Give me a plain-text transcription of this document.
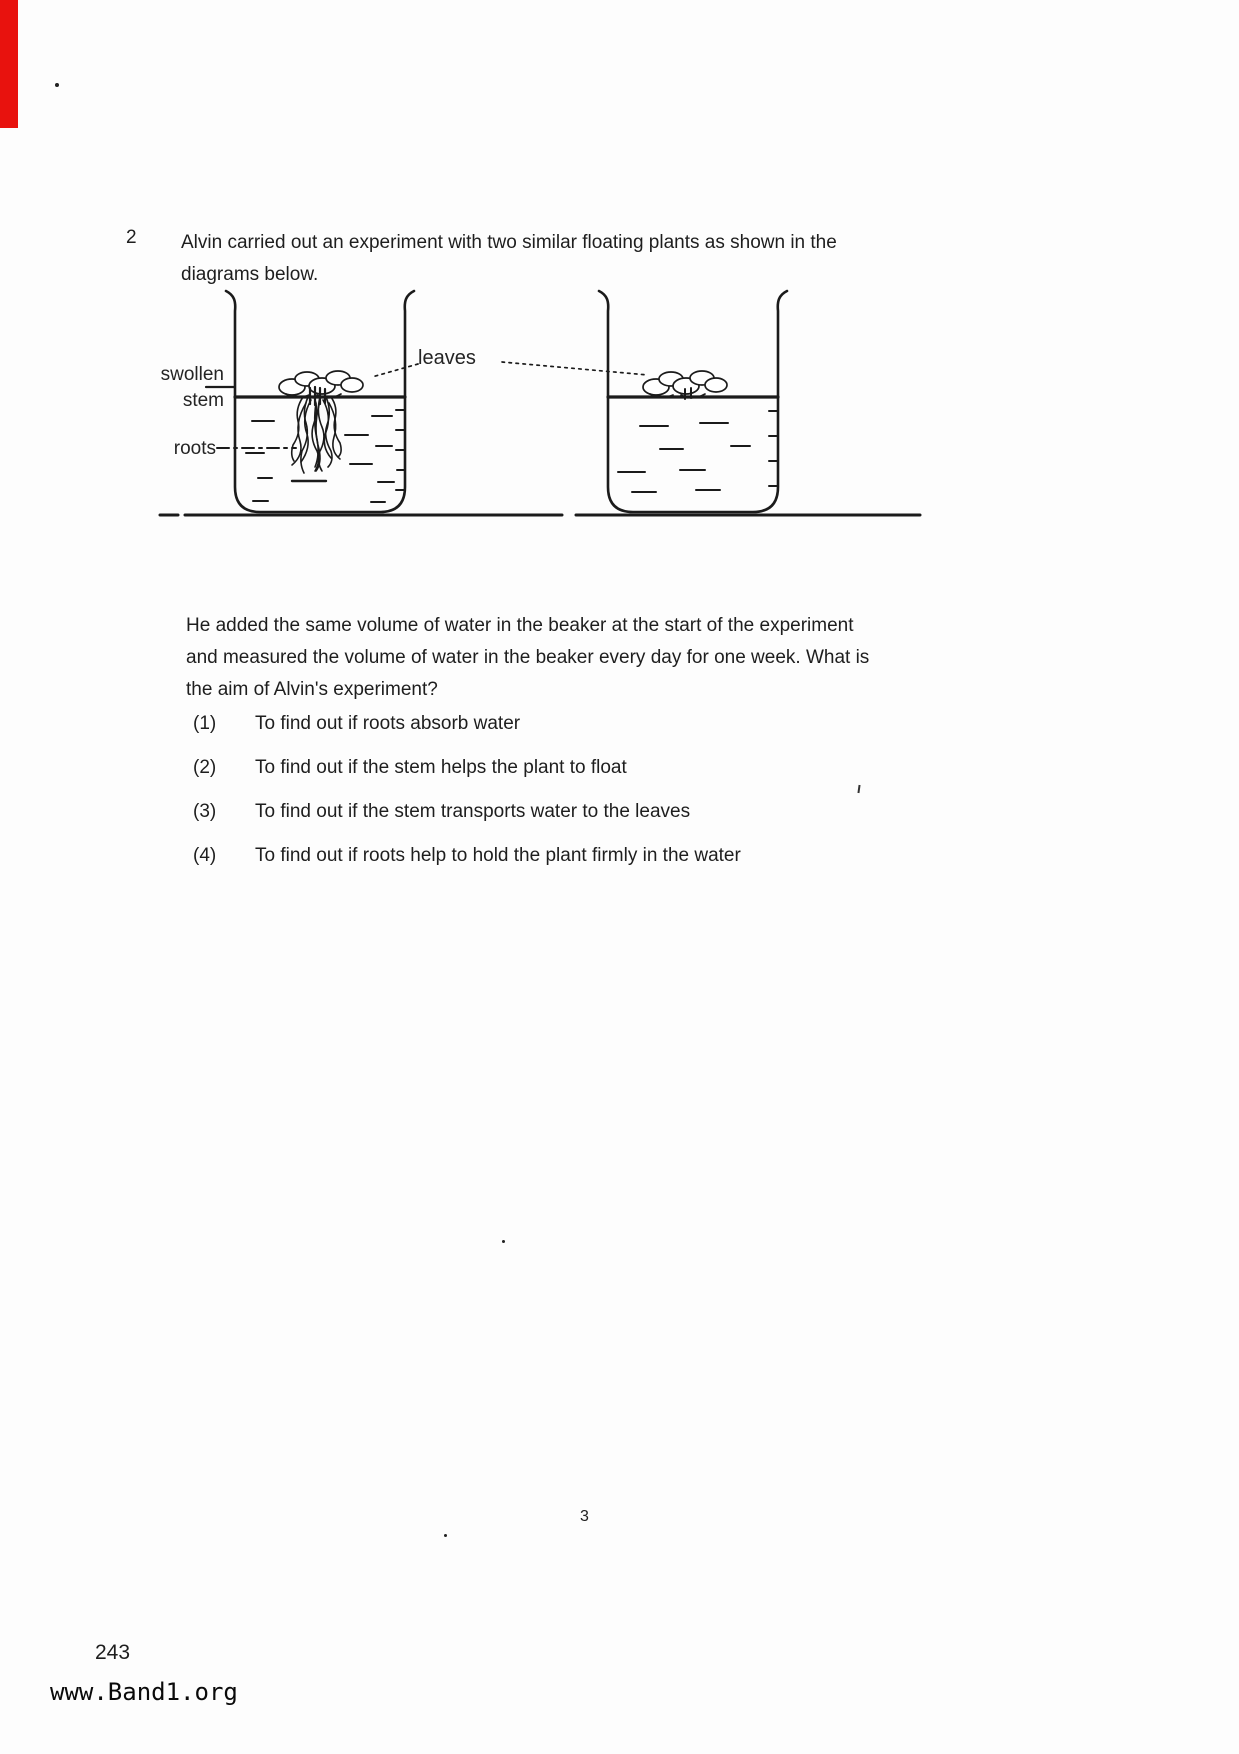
2 Alvin carried out an experiment with two similar floating plants as shown in the
diagrams below.
leaves
swollen
stem
roots
He added the same volume of water in the beaker at the start of the experiment
and measured the volume of water in the beaker every day for one week. What is
the aim of Alvin's experiment?
(1) To find out if roots absorb water
(2) To find out if the stem helps the plant to float
(3) To find out if the stem transports water to the leaves
(4) To find out if roots help to hold the plant firmly in the water
3
243
www.Band1.org
